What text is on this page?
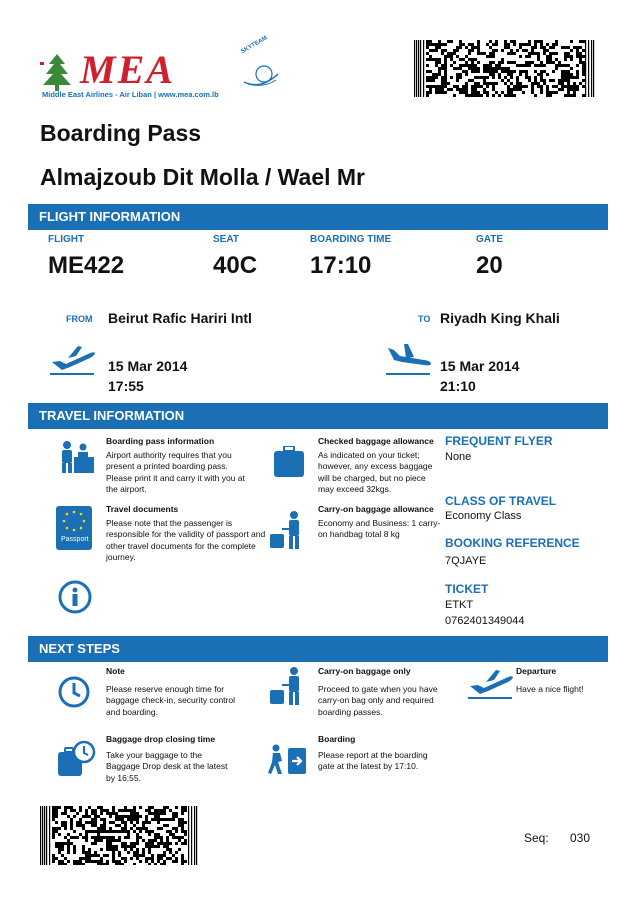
MEA
Middle East Airlines - Air Liban | www.mea.com.lb
SKYTEAM
Boarding Pass
Almajzoub Dit Molla / Wael Mr
FLIGHT INFORMATION
FLIGHT
ME422
SEAT
40C
BOARDING TIME
17:10
GATE
20
FROM Beirut Rafic Hariri Intl	TO Riyadh King Khali
15 Mar 2014
17:55
15 Mar 2014
21:10
TRAVEL INFORMATION
Boarding pass information
Airport authority requires that you present a printed boarding pass. Please print it and carry it with you at the airport.
Passport
Travel documents
Please note that the passenger is responsible for the validity of passport and other travel documents for the complete journey.
Checked baggage allowance
As indicated on your ticket; however, any excess baggage will be charged, but no piece may exceed 32kgs.
Carry-on baggage allowance
Economy and Business: 1 carry-on handbag total 8 kg
FREQUENT FLYER
None
CLASS OF TRAVEL
Economy Class
BOOKING REFERENCE
7QJAYE
TICKET
ETKT
0762401349044
NEXT STEPS
Note
Please reserve enough time for baggage check-in, security control and boarding.
Carry-on baggage only
Proceed to gate when you have carry-on bag only and required boarding passes.
Departure
Have a nice flight!
Baggage drop closing time
Take your baggage to the Baggage Drop desk at the latest by 16:55.
Boarding
Please report at the boarding gate at the latest by 17:10.
Seq: 030
